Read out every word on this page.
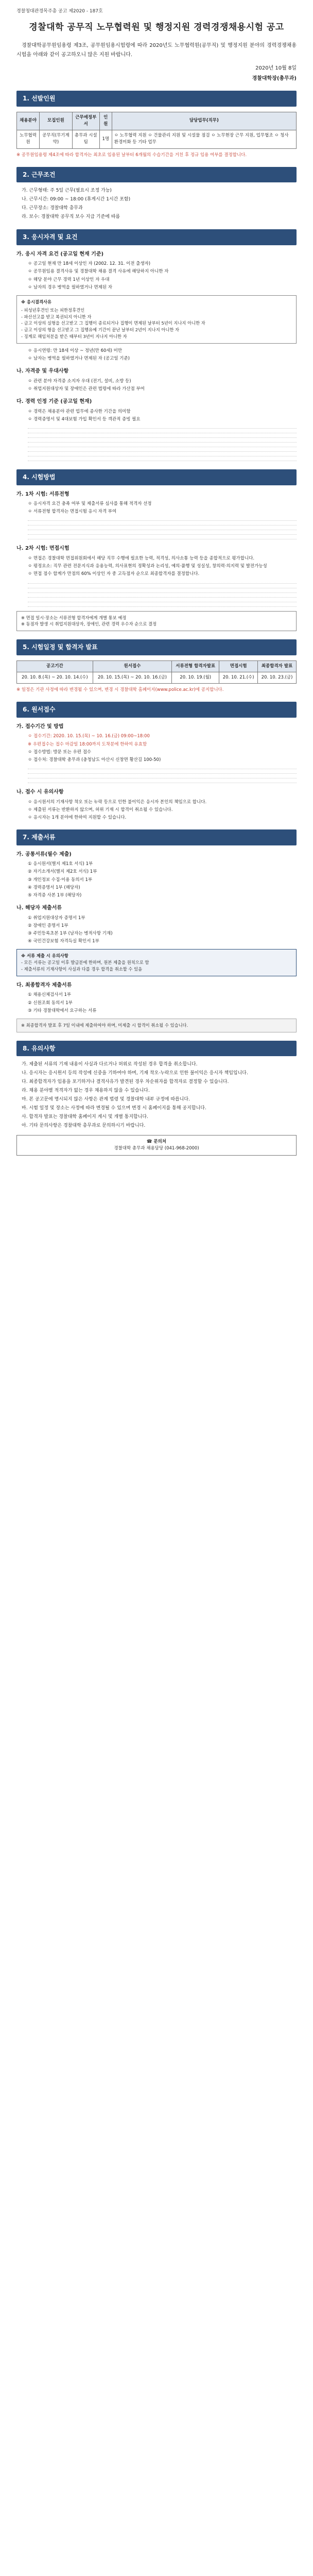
경찰청대관경목주총 공고 제2020 - 187호
경찰대학 공무직 노무협력원 및 행정지원 경력경쟁채용시험 공고
경찰대학공무원임용령 제3조, 공무원임용시험령에 따라 2020년도 노무협력원(공무직) 및 행정지원 분야의 경력경쟁채용시험을 아래와 같이 공고하오니 많은 지원 바랍니다.
2020년 10월 8일
경찰대학장(총무과)
1. 선발인원
채용분야	모집인원	근무예정부서	인원	담당업무(직무)
노무협력원	공무직(무기계약)	총무과 시설팀	1명	ㅇ 노무협력 지원 ㅇ 건물관리 지원 및 시설물 점검 ㅇ 노무현장 근무 지원, 업무협조 ㅇ 청사 환경미화 등 기타 업무
※ 공무원임용령 제4조에 따라 합격자는 최초로 임용된 날부터 6개월의 수습기간을 거친 후 정규 임용 여부를 결정합니다.
2. 근무조건
가. 근무형태: 주 5일 근무(필요시 조정 가능)
나. 근무시간: 09:00 ~ 18:00 (휴게시간 1시간 포함)
다. 근무장소: 경찰대학 총무과
라. 보수: 경찰대학 공무직 보수 지급 기준에 따름
3. 응시자격 및 요건
가. 응시 자격 요건 (공고일 현재 기준)
ㅇ 공고일 현재 만 18세 이상인 자 (2002. 12. 31. 이전 출생자)
ㅇ 공무원임용 결격사유 및 경찰대학 채용 결격 사유에 해당하지 아니한 자
ㅇ 해당 분야 근무 경력 1년 이상인 자 우대
ㅇ 남자의 경우 병역을 필하였거나 면제된 자
※ 응시결격사유
- 피성년후견인 또는 피한정후견인
- 파산선고를 받고 복권되지 아니한 자
- 금고 이상의 실형을 선고받고 그 집행이 종료되거나 집행이 면제된 날부터 5년이 지나지 아니한 자
- 금고 이상의 형을 선고받고 그 집행유예 기간이 끝난 날부터 2년이 지나지 아니한 자
- 징계로 해임처분을 받은 때부터 3년이 지나지 아니한 자
ㅇ 응시연령: 만 18세 이상 ~ 정년(만 60세) 미만
ㅇ 남자는 병역을 필하였거나 면제된 자 (공고일 기준)
나. 자격증 및 우대사항
ㅇ 관련 분야 자격증 소지자 우대 (전기, 설비, 소방 등)
ㅇ 취업지원대상자 및 장애인은 관련 법령에 따라 가산점 부여
다. 경력 인정 기준 (공고일 현재)
ㅇ 경력은 채용분야 관련 업무에 종사한 기간을 의미함
ㅇ 경력증명서 및 4대보험 가입 확인서 등 객관적 증빙 필요
4. 시험방법
가. 1차 시험: 서류전형
ㅇ 응시자격 요건 충족 여부 및 제출서류 심사를 통해 적격자 선정
ㅇ 서류전형 합격자는 면접시험 응시 자격 부여
나. 2차 시험: 면접시험
ㅇ 면접은 경찰대학 면접위원회에서 해당 직무 수행에 필요한 능력, 적격성, 의사소통 능력 등을 종합적으로 평가합니다.
ㅇ 평정요소: 직무 관련 전문지식과 응용능력, 의사표현의 정확성과 논리성, 예의·품행 및 성실성, 창의력·의지력 및 발전가능성
ㅇ 면접 점수 합계가 만점의 60% 이상인 자 중 고득점자 순으로 최종합격자를 결정합니다.
※ 면접 일시·장소는 서류전형 합격자에게 개별 통보 예정
※ 동점자 발생 시 취업지원대상자, 장애인, 관련 경력 우수자 순으로 결정
5. 시험일정 및 합격자 발표
공고기간	원서접수	서류전형 합격자발표	면접시험	최종합격자 발표
20. 10. 8.(목) ~ 20. 10. 14.(수)	20. 10. 15.(목) ~ 20. 10. 16.(금)	20. 10. 19.(월)	20. 10. 21.(수)	20. 10. 23.(금)
※ 일정은 기관 사정에 따라 변경될 수 있으며, 변경 시 경찰대학 홈페이지(www.police.ac.kr)에 공지합니다.
6. 원서접수
가. 접수기간 및 방법
ㅇ 접수기간: 2020. 10. 15.(목) ~ 10. 16.(금) 09:00~18:00
※ 우편접수는 접수 마감일 18:00까지 도착분에 한하여 유효함
ㅇ 접수방법: 방문 또는 우편 접수
ㅇ 접수처: 경찰대학 총무과 (충청남도 아산시 신창면 황산길 100-50)
나. 접수 시 유의사항
ㅇ 응시원서의 기재사항 착오 또는 누락 등으로 인한 불이익은 응시자 본인의 책임으로 합니다.
ㅇ 제출된 서류는 반환하지 않으며, 허위 기재 시 합격이 취소될 수 있습니다.
ㅇ 응시자는 1개 분야에 한하여 지원할 수 있습니다.
7. 제출서류
가. 공통서류(필수 제출)
① 응시원서(별지 제1호 서식) 1부
② 자기소개서(별지 제2호 서식) 1부
③ 개인정보 수집·이용 동의서 1부
④ 경력증명서 1부 (해당자)
⑤ 자격증 사본 1부 (해당자)
나. 해당자 제출서류
① 취업지원대상자 증명서 1부
② 장애인 증명서 1부
③ 주민등록초본 1부 (남자는 병적사항 기재)
④ 국민건강보험 자격득실 확인서 1부
※ 서류 제출 시 유의사항
- 모든 서류는 공고일 이후 발급분에 한하며, 원본 제출을 원칙으로 함
- 제출서류의 기재사항이 사실과 다를 경우 합격을 취소할 수 있음
다. 최종합격자 제출서류
① 채용신체검사서 1부
② 신원조회 동의서 1부
③ 기타 경찰대학에서 요구하는 서류
※ 최종합격자 발표 후 7일 이내에 제출하여야 하며, 미제출 시 합격이 취소될 수 있습니다.
8. 유의사항
가. 제출된 서류의 기재 내용이 사실과 다르거나 허위로 작성된 경우 합격을 취소합니다.
나. 응시자는 응시원서 등의 작성에 신중을 기하여야 하며, 기재 착오·누락으로 인한 불이익은 응시자 책임입니다.
다. 최종합격자가 임용을 포기하거나 결격사유가 발견된 경우 차순위자를 합격자로 결정할 수 있습니다.
라. 채용 분야별 적격자가 없는 경우 채용하지 않을 수 있습니다.
마. 본 공고문에 명시되지 않은 사항은 관계 법령 및 경찰대학 내부 규정에 따릅니다.
바. 시험 일정 및 장소는 사정에 따라 변경될 수 있으며 변경 시 홈페이지를 통해 공지합니다.
사. 합격자 발표는 경찰대학 홈페이지 게시 및 개별 통지합니다.
아. 기타 문의사항은 경찰대학 총무과로 문의하시기 바랍니다.
☎ 문의처
경찰대학 총무과 채용담당 (041-968-2000)
